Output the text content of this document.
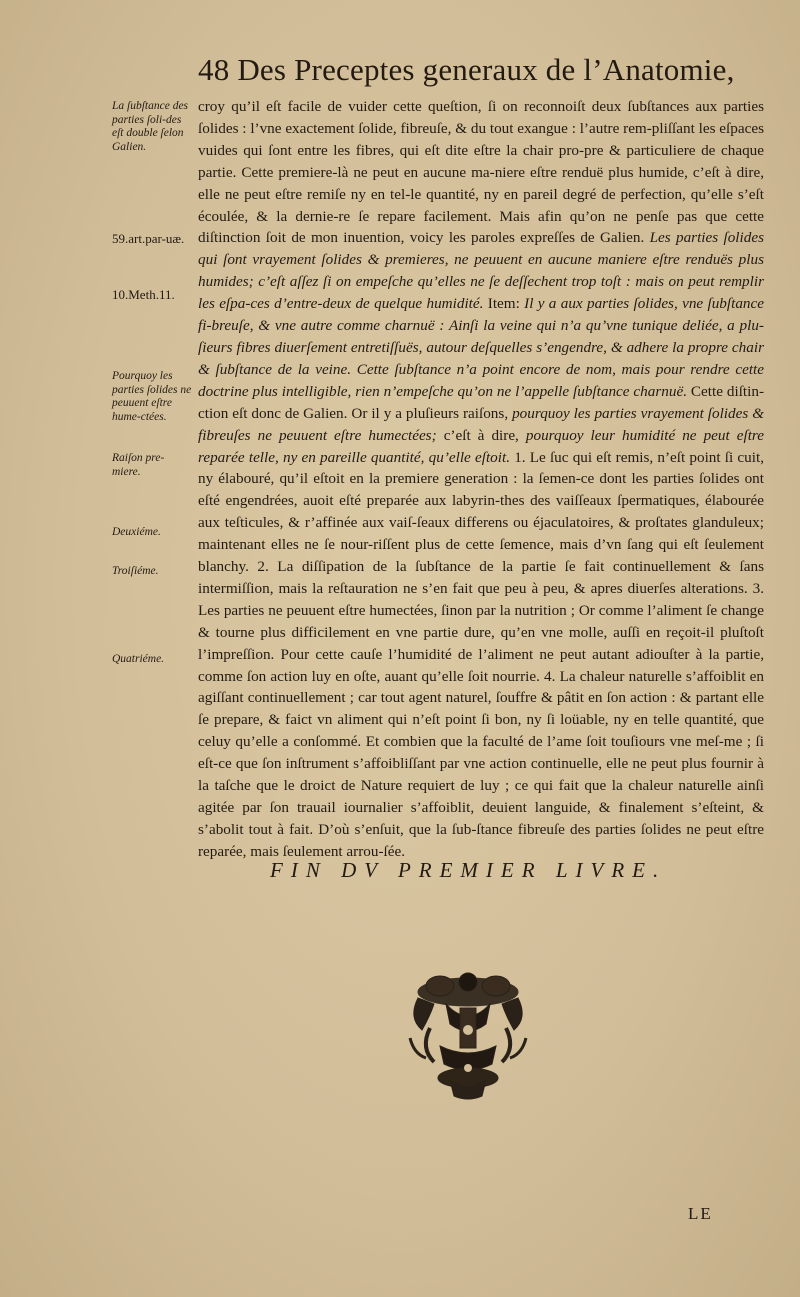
48 Des Preceptes generaux de l’Anatomie,
La ſubſtance des parties ſoli-des eſt double ſelon Galien.
59.art.par-uæ.
10.Meth.11.
Pourquoy les parties ſolides ne peuuent eſtre hume-ctées.
Raiſon pre-miere.
Deuxiéme.
Troiſiéme.
Quatriéme.

croy qu’il eſt facile de vuider cette queſtion, ſi on reconnoiſt deux ſubſtances aux parties ſolides : l’vne exactement ſolide, fibreuſe, & du tout exangue : l’autre rem-pliſſant les eſpaces vuides qui ſont entre les fibres, qui eſt dite eſtre la chair pro-pre & particuliere de chaque partie. Cette premiere-là ne peut en aucune ma-niere eſtre renduë plus humide, c’eſt à dire, elle ne peut eſtre remiſe ny en tel-le quantité, ny en pareil degré de perfection, qu’elle s’eſt écoulée, & la dernie-re ſe repare facilement. Mais afin qu’on ne penſe pas que cette diſtinction ſoit de mon inuention, voicy les paroles expreſſes de Galien. Les parties ſolides qui ſont vrayement ſolides & premieres, ne peuuent en aucune maniere eſtre renduës plus humides; c’eſt aſſez ſi on empeſche qu’elles ne ſe deſſechent trop toſt : mais on peut remplir les eſpa-ces d’entre-deux de quelque humidité. Item: Il y a aux parties ſolides, vne ſubſtance fi-breuſe, & vne autre comme charnuë : Ainſi la veine qui n’a qu’vne tunique deliée, a plu-ſieurs fibres diuerſement entretiſſuës, autour deſquelles s’engendre, & adhere la propre chair & ſubſtance de la veine. Cette ſubſtance n’a point encore de nom, mais pour rendre cette doctrine plus intelligible, rien n’empeſche qu’on ne l’appelle ſubſtance charnuë. Cette diſtin-ction eſt donc de Galien. Or il y a pluſieurs raiſons, pourquoy les parties vrayement ſolides & fibreuſes ne peuuent eſtre humectées; c’eſt à dire, pourquoy leur humidité ne peut eſtre reparée telle, ny en pareille quantité, qu’elle eſtoit. 1. Le ſuc qui eſt remis, n’eſt point ſi cuit, ny élabouré, qu’il eſtoit en la premiere generation : la ſemen-ce dont les parties ſolides ont eſté engendrées, auoit eſté preparée aux labyrin-thes des vaiſſeaux ſpermatiques, élabourée aux teſticules, & r’affinée aux vaiſ-ſeaux differens ou éjaculatoires, & proſtates glanduleux; maintenant elles ne ſe nour-riſſent plus de cette ſemence, mais d’vn ſang qui eſt ſeulement blanchy. 2. La diſſipation de la ſubſtance de la partie ſe fait continuellement & ſans intermiſſion, mais la reſtauration ne s’en fait que peu à peu, & apres diuerſes alterations. 3. Les parties ne peuuent eſtre humectées, ſinon par la nutrition ; Or comme l’aliment ſe change & tourne plus difficilement en vne partie dure, qu’en vne molle, auſſi en reçoit-il pluſtoſt l’impreſſion. Pour cette cauſe l’humidité de l’aliment ne peut autant adiouſter à la partie, comme ſon action luy en oſte, auant qu’elle ſoit nourrie. 4. La chaleur naturelle s’affoiblit en agiſſant continuellement ; car tout agent naturel, ſouffre & pâtit en ſon action : & partant elle ſe prepare, & faict vn aliment qui n’eſt point ſi bon, ny ſi loüable, ny en telle quantité, que celuy qu’elle a conſommé. Et combien que la faculté de l’ame ſoit touſiours vne meſ-me ; ſi eſt-ce que ſon inſtrument s’affoibliſſant par vne action continuelle, elle ne peut plus fournir à la taſche que le droict de Nature requiert de luy ; ce qui fait que la chaleur naturelle ainſi agitée par ſon trauail iournalier s’affoiblit, deuient languide, & finalement s’eſteint, & s’abolit tout à fait. D’où s’enſuit, que la ſub-ſtance fibreuſe des parties ſolides ne peut eſtre reparée, mais ſeulement arrou-ſée.

FIN DV PREMIER LIVRE.
LE
